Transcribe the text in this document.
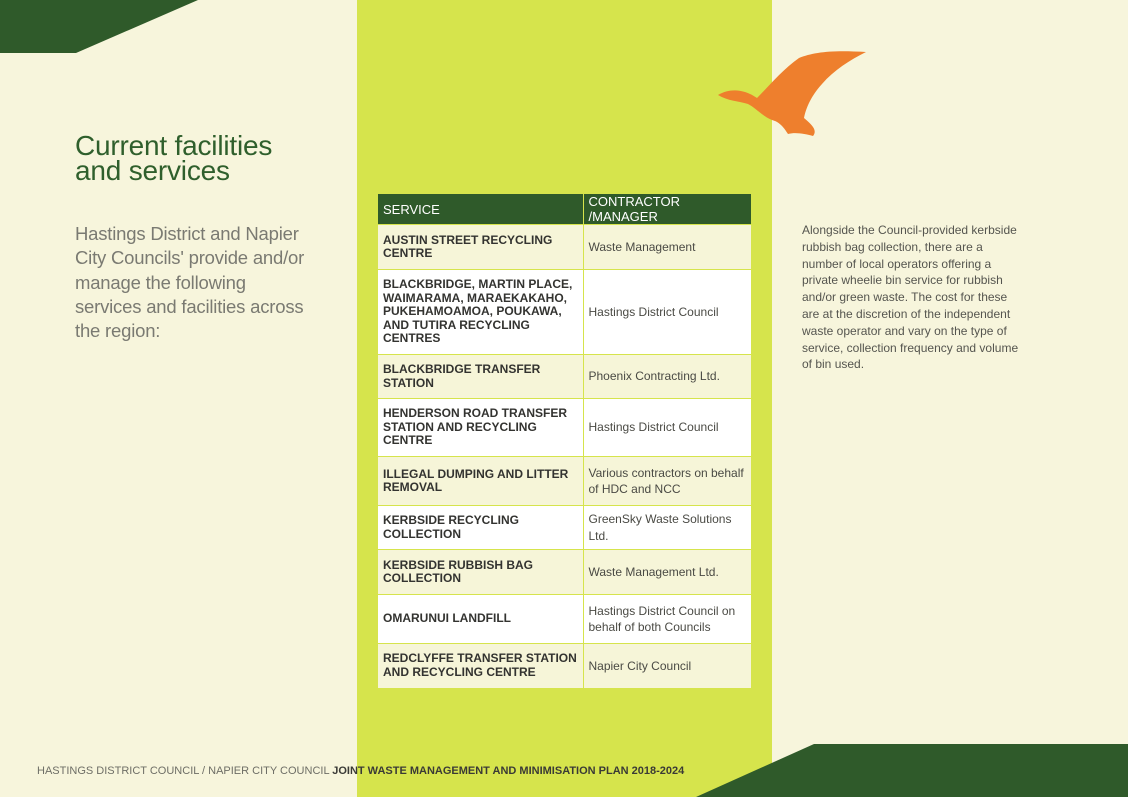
Current facilities
and services

Hastings District and Napier City Councils' provide and/or manage the following services and facilities across the region:

SERVICE	CONTRACTOR /MANAGER
AUSTIN STREET RECYCLING CENTRE	Waste Management
BLACKBRIDGE, MARTIN PLACE, WAIMARAMA, MARAEKAKAHO, PUKEHAMOAMOA, POUKAWA, AND TUTIRA RECYCLING CENTRES	Hastings District Council
BLACKBRIDGE TRANSFER STATION	Phoenix Contracting Ltd.
HENDERSON ROAD TRANSFER STATION AND RECYCLING CENTRE	Hastings District Council
ILLEGAL DUMPING AND LITTER REMOVAL	Various contractors on behalf of HDC and NCC
KERBSIDE RECYCLING COLLECTION	GreenSky Waste Solutions Ltd.
KERBSIDE RUBBISH BAG COLLECTION	Waste Management Ltd.
OMARUNUI LANDFILL	Hastings District Council on behalf of both Councils
REDCLYFFE TRANSFER STATION AND RECYCLING CENTRE	Napier City Council

Alongside the Council-provided kerbside rubbish bag collection, there are a number of local operators offering a private wheelie bin service for rubbish and/or green waste. The cost for these are at the discretion of the independent waste operator and vary on the type of service, collection frequency and volume of bin used.

HASTINGS DISTRICT COUNCIL / NAPIER CITY COUNCIL JOINT WASTE MANAGEMENT AND MINIMISATION PLAN 2018-2024
